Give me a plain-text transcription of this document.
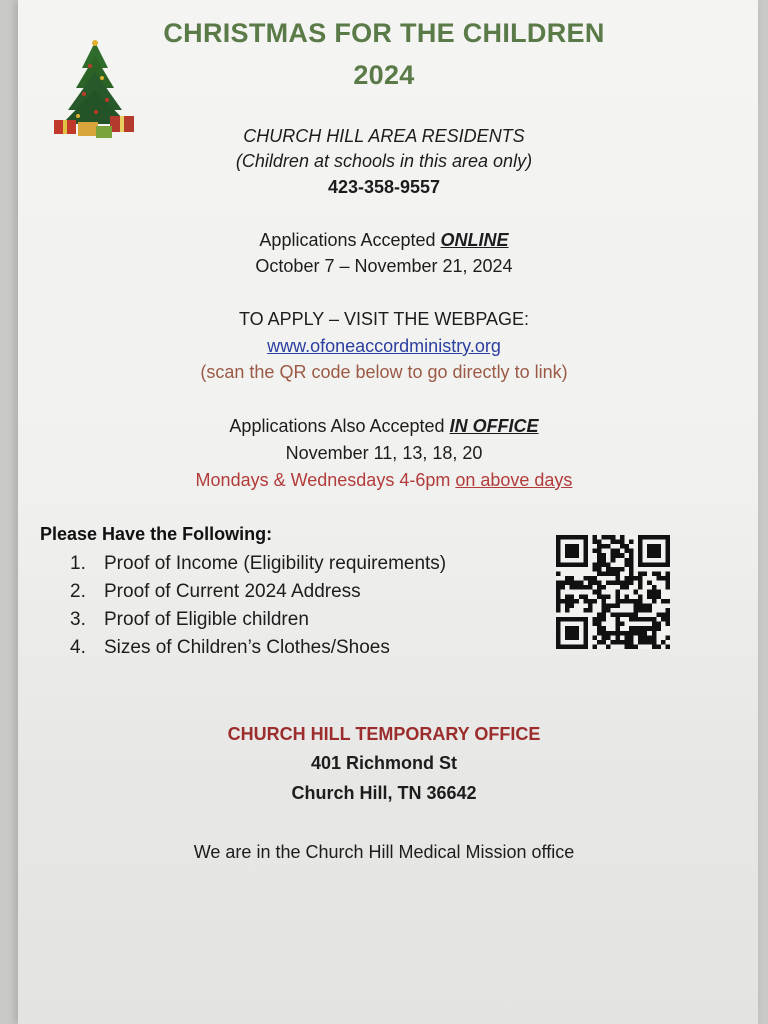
CHRISTMAS FOR THE CHILDREN
2024
CHURCH HILL AREA RESIDENTS
(Children at schools in this area only)
423-358-9557
Applications Accepted ONLINE
October 7 – November 21, 2024
TO APPLY – VISIT THE WEBPAGE:
www.ofoneaccordministry.org
(scan the QR code below to go directly to link)
Applications Also Accepted IN OFFICE
November 11, 13, 18, 20
Mondays & Wednesdays 4-6pm on above days
Please Have the Following:
1. Proof of Income (Eligibility requirements)
2. Proof of Current 2024 Address
3. Proof of Eligible children
4. Sizes of Children’s Clothes/Shoes
CHURCH HILL TEMPORARY OFFICE
401 Richmond St
Church Hill, TN 36642
We are in the Church Hill Medical Mission office
